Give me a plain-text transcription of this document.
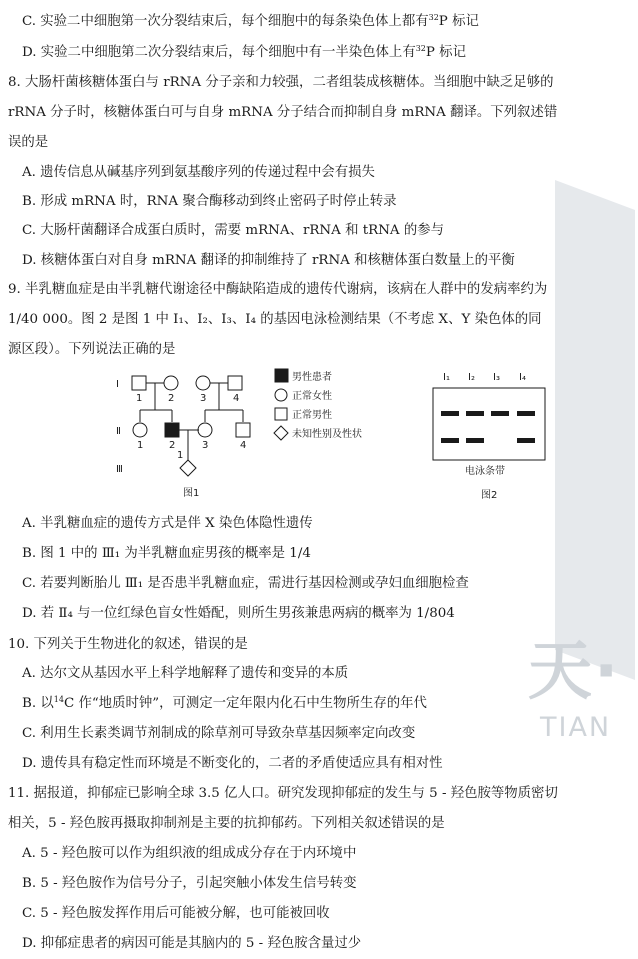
天·
TIAN
C. 实验二中细胞第一次分裂结束后，每个细胞中的每条染色体上都有$^{32}$P 标记
D. 实验二中细胞第二次分裂结束后，每个细胞中有一半染色体上有$^{32}$P 标记
8. 大肠杆菌核糖体蛋白与 rRNA 分子亲和力较强，二者组装成核糖体。当细胞中缺乏足够的
rRNA 分子时，核糖体蛋白可与自身 mRNA 分子结合而抑制自身 mRNA 翻译。下列叙述错
误的是
A. 遗传信息从碱基序列到氨基酸序列的传递过程中会有损失
B. 形成 mRNA 时，RNA 聚合酶移动到终止密码子时停止转录
C. 大肠杆菌翻译合成蛋白质时，需要 mRNA、rRNA 和 tRNA 的参与
D. 核糖体蛋白对自身 mRNA 翻译的抑制维持了 rRNA 和核糖体蛋白数量上的平衡
9. 半乳糖血症是由半乳糖代谢途径中酶缺陷造成的遗传代谢病，该病在人群中的发病率约为
1/40 000。图 2 是图 1 中 Ⅰ₁、Ⅰ₂、Ⅰ₃、Ⅰ₄ 的基因电泳检测结果（不考虑 X、Y 染色体的同
源区段）。下列说法正确的是
Ⅰ
Ⅱ
Ⅲ
1	2	3	4
1	2	3	4
1
男性患者
正常女性
正常男性
未知性别及性状
图1
Ⅰ₁ Ⅰ₂ Ⅰ₃ Ⅰ₄
电泳条带
图2
A. 半乳糖血症的遗传方式是伴 X 染色体隐性遗传
B. 图 1 中的 Ⅲ₁ 为半乳糖血症男孩的概率是 1/4
C. 若要判断胎儿 Ⅲ₁ 是否患半乳糖血症，需进行基因检测或孕妇血细胞检查
D. 若 Ⅱ₄ 与一位红绿色盲女性婚配，则所生男孩兼患两病的概率为 1/804
10. 下列关于生物进化的叙述，错误的是
A. 达尔文从基因水平上科学地解释了遗传和变异的本质
B. 以$^{14}$C 作“地质时钟”，可测定一定年限内化石中生物所生存的年代
C. 利用生长素类调节剂制成的除草剂可导致杂草基因频率定向改变
D. 遗传具有稳定性而环境是不断变化的，二者的矛盾使适应具有相对性
11. 据报道，抑郁症已影响全球 3.5 亿人口。研究发现抑郁症的发生与 5 - 羟色胺等物质密切
相关，5 - 羟色胺再摄取抑制剂是主要的抗抑郁药。下列相关叙述错误的是
A. 5 - 羟色胺可以作为组织液的组成成分存在于内环境中
B. 5 - 羟色胺作为信号分子，引起突触小体发生信号转变
C. 5 - 羟色胺发挥作用后可能被分解，也可能被回收
D. 抑郁症患者的病因可能是其脑内的 5 - 羟色胺含量过少
